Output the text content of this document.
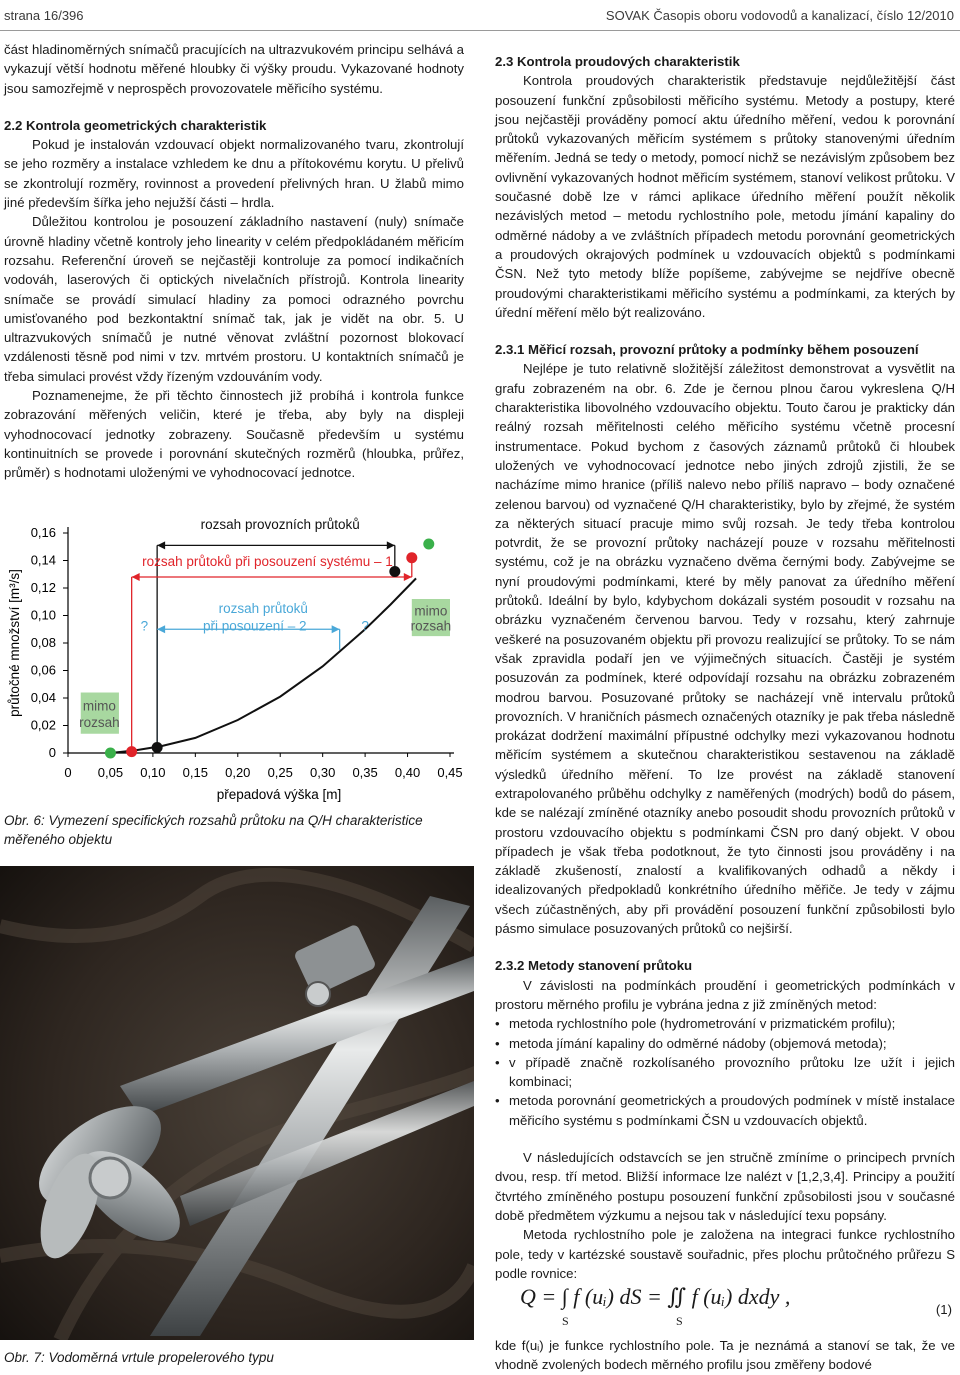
strana 16/396	SOVAK Časopis oboru vodovodů a kanalizací, číslo 12/2010

část hladinoměrných snímačů pracujících na ultrazvukovém principu selhává a vykazují větší hodnotu měřené hloubky či výšky proudu. Vykazované hodnoty jsou samozřejmě v neprospěch provozovatele měřicího systému.

2.2 Kontrola geometrických charakteristik

Pokud je instalován vzdouvací objekt normalizovaného tvaru, zkontrolují se jeho rozměry a instalace vzhledem ke dnu a přítokovému korytu. U přelivů se zkontrolují rozměry, rovinnost a provedení přelivných hran. U žlabů mimo jiné především šířka jeho nejužší části – hrdla.

Důležitou kontrolou je posouzení základního nastavení (nuly) snímače úrovně hladiny včetně kontroly jeho linearity v celém předpokládaném měřicím rozsahu. Referenční úroveň se nejčastěji kontroluje za pomocí indikačních vodováh, laserových či optických nivelačních přístrojů. Kontrola linearity snímače se provádí simulací hladiny za pomoci odrazného povrchu umisťovaného pod bezkontaktní snímač tak, jak je vidět na obr. 5. U ultrazvukových snímačů je nutné věnovat zvláštní pozornost blokovací vzdálenosti těsně pod nimi v tzv. mrtvém prostoru. U kontaktních snímačů je třeba simulaci provést vždy řízeným vzdouváním vody.

Poznamenejme, že při těchto činnostech již probíhá i kontrola funkce zobrazování měřených veličin, které je třeba, aby byly na displeji vyhodnocovací jednotky zobrazeny. Současně především u systému kontinuitních se provede i porovnání skutečných rozměrů (hloubka, průřez, průměr) s hodnotami uloženými ve vyhodnocovací jednotce.

0
0,02
0,04
0,06
0,08
0,10
0,12
0,14
0,16
0 0,05 0,10 0,15 0,20 0,25 0,30 0,35 0,40 0,45
průtočné množství [m³/s]
přepadová výška [m]
rozsah provozních průtoků
rozsah průtoků při posouzení systému – 1
rozsah průtoků
při posouzení – 2
?	?
mimo
rozsah
mimo
rozsah
Obr. 6: Vymezení specifických rozsahů průtoku na Q/H charakteristice měřeného objektu
Obr. 7: Vodoměrná vrtule propelerového typu

2.3 Kontrola proudových charakteristik

Kontrola proudových charakteristik představuje nejdůležitější část posouzení funkční způsobilosti měřicího systému. Metody a postupy, které jsou nejčastěji prováděny pomocí aktu úředního měření, vedou k porovnání průtoků vykazovaných měřicím systémem s průtoky stanovenými úředním měřením. Jedná se tedy o metody, pomocí nichž se nezávislým způsobem bez ovlivnění vykazovaných hodnot měřicím systémem, stanoví velikost průtoku. V současné době lze v rámci aplikace úředního měření použít několik nezávislých metod – metodu rychlostního pole, metodu jímání kapaliny do odměrné nádoby a ve zvláštních případech metodu porovnání geometrických a proudových okrajových podmínek u vzdouvacích objektů s podmínkami ČSN. Než tyto metody blíže popíšeme, zabývejme se nejdříve obecně proudovými charakteristikami měřicího systému a podmínkami, za kterých by úřední měření mělo být realizováno.

2.3.1 Měřicí rozsah, provozní průtoky a podmínky během posouzení

Nejlépe je tuto relativně složitější záležitost demonstrovat a vysvětlit na grafu zobrazeném na obr. 6. Zde je černou plnou čarou vykreslena Q/H charakteristika libovolného vzdouvacího objektu. Touto čarou je prakticky dán reálný rozsah měřitelnosti celého měřicího systému včetně procesní instrumentace. Pokud bychom z časových záznamů průtoků či hloubek uložených ve vyhodnocovací jednotce nebo jiných zdrojů zjistili, že se nacházíme mimo hranice (příliš nalevo nebo příliš napravo – body označené zelenou barvou) od vyznačené Q/H charakteristiky, bylo by zřejmé, že systém za některých situací pracuje mimo svůj rozsah. Je tedy třeba kontrolou potvrdit, že se provozní průtoky nacházejí pouze v rozsahu měřitelnosti systému, což je na obrázku vyznačeno dvěma černými body. Zabývejme se nyní proudovými podmínkami, které by měly panovat za úředního měření průtoků. Ideální by bylo, kdybychom dokázali systém posoudit v rozsahu na obrázku vyznačeném červenou barvou. Tedy v rozsahu, který zahrnuje veškeré na posuzovaném objektu při provozu realizující se průtoky. To se nám však zpravidla podaří jen ve výjimečných situacích. Častěji je systém posuzován za podmínek, které odpovídají rozsahu na obrázku zobrazeném modrou barvou. Posuzované průtoky se nacházejí vně intervalu průtoků provozních. V hraničních pásmech označených otazníky je pak třeba následně prokázat dodržení maximální přípustné odchylky mezi vykazovanou hodnotu měřicím systémem a skutečnou charakteristikou sestavenou na základě výsledků úředního měření. To lze provést na základě stanovení extrapolovaného průběhu odchylky z naměřených (modrých) bodů do pásem, kde se nalézají zmíněné otazníky anebo posoudit shodu provozních průtoků v prostoru vzdouvacího objektu s podmínkami ČSN pro daný objekt. V obou případech je však třeba podotknout, že tyto činnosti jsou prováděny i na základě zkušeností, znalostí a kvalifikovaných odhadů a někdy i idealizovaných předpokladů konkrétního úředního měřiče. Je tedy v zájmu všech zúčastněných, aby při provádění posouzení funkční způsobilosti bylo pásmo simulace posuzovaných průtoků co nejširší.

2.3.2 Metody stanovení průtoku

V závislosti na podmínkách proudění i geometrických podmínkách v prostoru měrného profilu je vybrána jedna z již zmíněných metod:

• metoda rychlostního pole (hydrometrování v prizmatickém profilu);
• metoda jímání kapaliny do odměrné nádoby (objemová metoda);
• v případě značně rozkolísaného provozního průtoku lze užít i jejich kombinaci;
• metoda porovnání geometrických a proudových podmínek v místě instalace měřicího systému s podmínkami ČSN u vzdouvacích objektů.

V následujících odstavcích se jen stručně zmíníme o principech prvních dvou, resp. tří metod. Bližší informace lze nalézt v [1,2,3,4]. Principy a použití čtvrtého zmíněného postupu posouzení funkční způsobilosti jsou v současné době předmětem výzkumu a nejsou tak v následující texu popsány.

Metoda rychlostního pole je založena na integraci funkce rychlostního pole, tedy v kartézské soustavě souřadnic, přes plochu průtočného průřezu S podle rovnice:

Q = ∫ f (uᵢ) dS = ∬ f (uᵢ) dxdy ,
S	S
(1)

kde f(uᵢ) je funkce rychlostního pole. Ta je neznámá a stanoví se tak, že ve vhodně zvolených bodech měrného profilu jsou změřeny bodové
